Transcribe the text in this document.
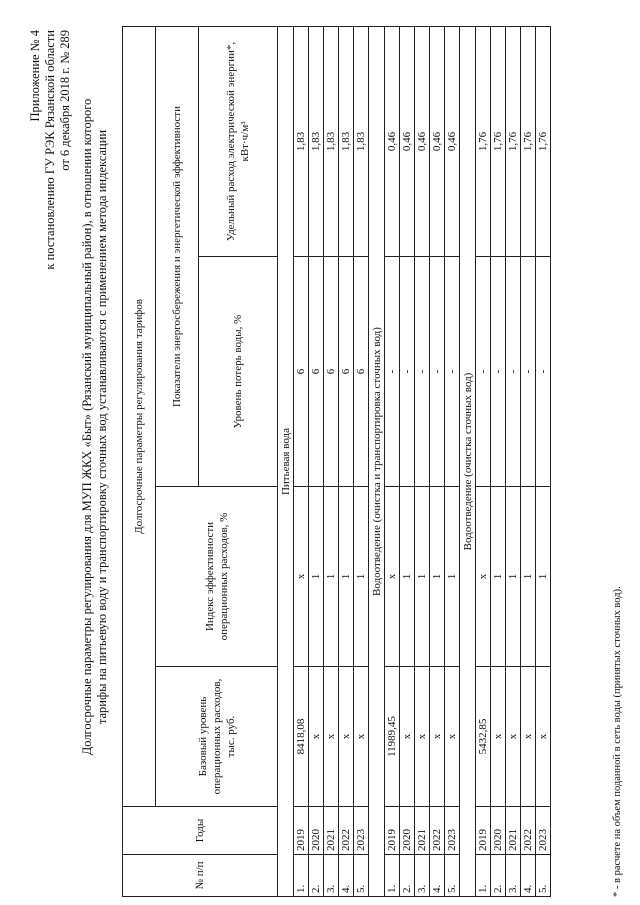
Приложение № 4 к постановлению ГУ РЭК Рязанской области от 6 декабря 2018 г. № 289 Долгосрочные параметры регулирования для МУП ЖКХ «Быт» (Рязанский муниципальный район), в отношении которого тарифы на питьевую воду и транспортировку сточных вод устанавливаются с применением метода индексации
№ п/п	Годы	Долгосрочные параметры регулирования тарифов			
		Базовый уровень операционных расходов, тыс. руб.	Индекс эффективности операционных расходов, %	Показатели энергосбережения и энергетической эффективности	
				Уровень потерь воды, %	Удельный расход электрической энергии*, кВт·ч/м³
Питьевая вода					
1.	2019	8418,08	х	6	1,83
2.	2020	х	1	6	1,83
3.	2021	х	1	6	1,83
4.	2022	х	1	6	1,83
5.	2023	х	1	6	1,83
Водоотведение (очистка и транспортировка сточных вод)					
1.	2019	11989,45	х	-	0,46
2.	2020	х	1	-	0,46
3.	2021	х	1	-	0,46
4.	2022	х	1	-	0,46
5.	2023	х	1	-	0,46
Водоотведение (очистка сточных вод)					
1.	2019	5432,85	х	-	1,76
2.	2020	х	1	-	1,76
3.	2021	х	1	-	1,76
4.	2022	х	1	-	1,76
5.	2023	х	1	-	1,76
* - в расчете на объем поданной в сеть воды (принятых сточных вод).
